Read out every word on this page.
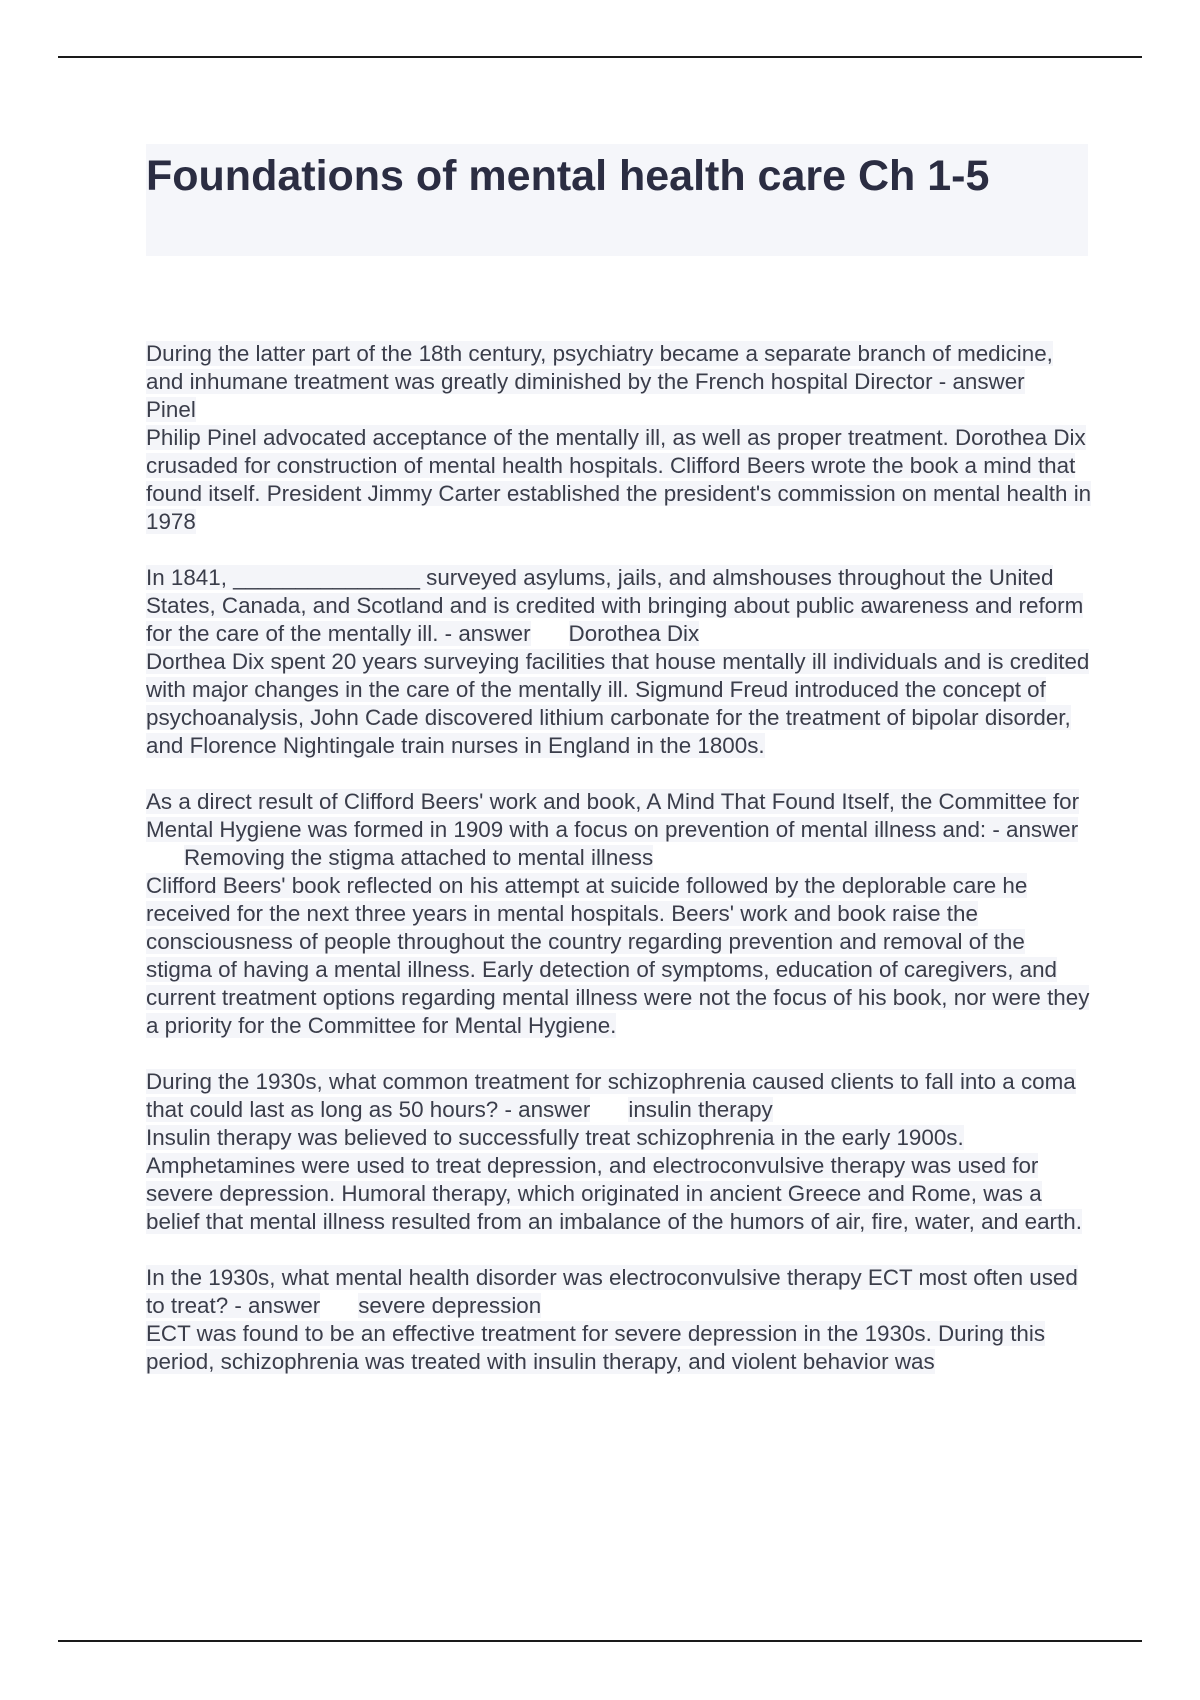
Foundations of mental health care Ch 1-5

During the latter part of the 18th century, psychiatry became a separate branch of medicine, and inhumane treatment was greatly diminished by the French hospital Director - answerPinel

Philip Pinel advocated acceptance of the mentally ill, as well as proper treatment. Dorothea Dix crusaded for construction of mental health hospitals. Clifford Beers wrote the book a mind that found itself. President Jimmy Carter established the president's commission on mental health in 1978

In 1841, _______________ surveyed asylums, jails, and almshouses throughout the United States, Canada, and Scotland and is credited with bringing about public awareness and reform for the care of the mentally ill. - answer Dorothea Dix

Dorthea Dix spent 20 years surveying facilities that house mentally ill individuals and is credited with major changes in the care of the mentally ill. Sigmund Freud introduced the concept of psychoanalysis, John Cade discovered lithium carbonate for the treatment of bipolar disorder, and Florence Nightingale train nurses in England in the 1800s.

As a direct result of Clifford Beers' work and book, A Mind That Found Itself, the Committee for Mental Hygiene was formed in 1909 with a focus on prevention of mental illness and: - answerRemoving the stigma attached to mental illness

Clifford Beers' book reflected on his attempt at suicide followed by the deplorable care he received for the next three years in mental hospitals. Beers' work and book raise the consciousness of people throughout the country regarding prevention and removal of the stigma of having a mental illness. Early detection of symptoms, education of caregivers, and current treatment options regarding mental illness were not the focus of his book, nor were they a priority for the Committee for Mental Hygiene.

During the 1930s, what common treatment for schizophrenia caused clients to fall into a coma that could last as long as 50 hours? - answer insulin therapy

Insulin therapy was believed to successfully treat schizophrenia in the early 1900s. Amphetamines were used to treat depression, and electroconvulsive therapy was used for severe depression. Humoral therapy, which originated in ancient Greece and Rome, was a belief that mental illness resulted from an imbalance of the humors of air, fire, water, and earth.

In the 1930s, what mental health disorder was electroconvulsive therapy ECT most often used to treat? - answer severe depression

ECT was found to be an effective treatment for severe depression in the 1930s. During this period, schizophrenia was treated with insulin therapy, and violent behavior was
